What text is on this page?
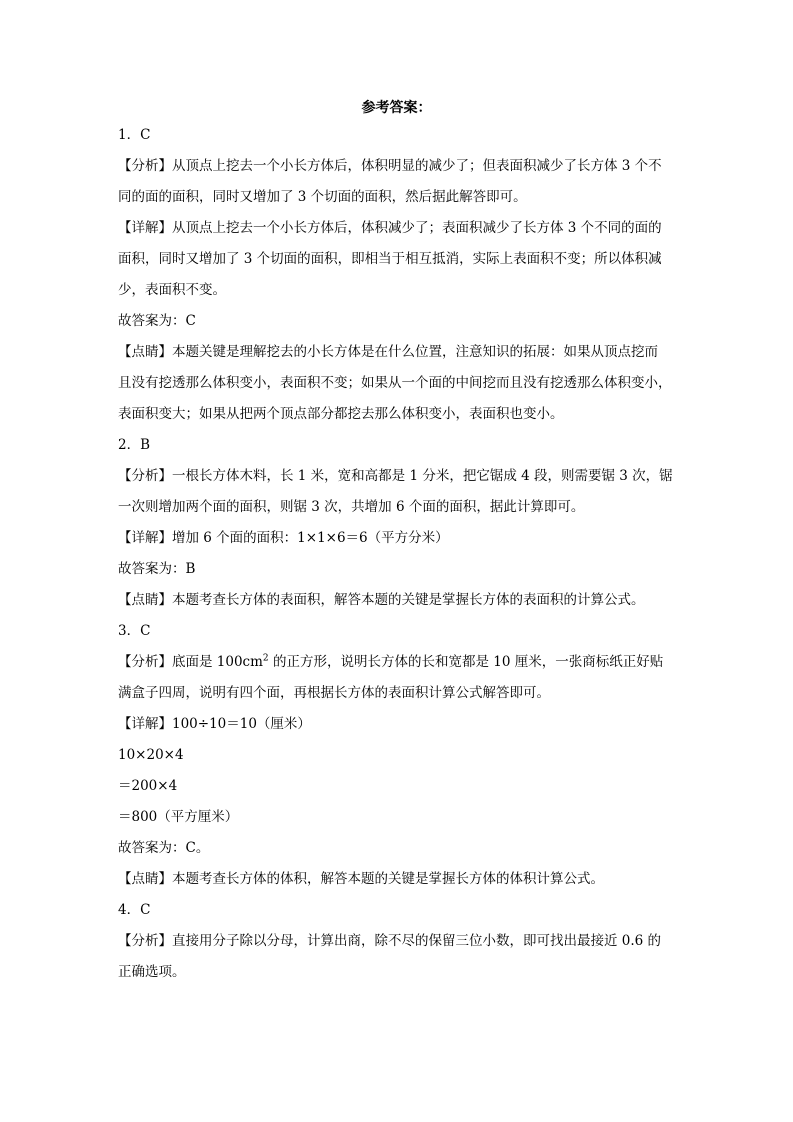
参考答案：
1．C
【分析】从顶点上挖去一个小长方体后，体积明显的减少了；但表面积减少了长方体 3 个不
同的面的面积，同时又增加了 3 个切面的面积，然后据此解答即可。
【详解】从顶点上挖去一个小长方体后，体积减少了；表面积减少了长方体 3 个不同的面的
面积，同时又增加了 3 个切面的面积，即相当于相互抵消，实际上表面积不变；所以体积减
少，表面积不变。
故答案为：C
【点睛】本题关键是理解挖去的小长方体是在什么位置，注意知识的拓展：如果从顶点挖而
且没有挖透那么体积变小，表面积不变；如果从一个面的中间挖而且没有挖透那么体积变小，
表面积变大；如果从把两个顶点部分都挖去那么体积变小，表面积也变小。
2．B
【分析】一根长方体木料，长 1 米，宽和高都是 1 分米，把它锯成 4 段，则需要锯 3 次，锯
一次则增加两个面的面积，则锯 3 次，共增加 6 个面的面积，据此计算即可。
【详解】增加 6 个面的面积：1×1×6＝6（平方分米）
故答案为：B
【点睛】本题考查长方体的表面积，解答本题的关键是掌握长方体的表面积的计算公式。
3．C
【分析】底面是 $100cm^2$ 的正方形，说明长方体的长和宽都是 10 厘米，一张商标纸正好贴
满盒子四周，说明有四个面，再根据长方体的表面积计算公式解答即可。
【详解】100÷10＝10（厘米）
10×20×4
＝200×4
＝800（平方厘米）
故答案为：C。
【点睛】本题考查长方体的体积，解答本题的关键是掌握长方体的体积计算公式。
4．C
【分析】直接用分子除以分母，计算出商，除不尽的保留三位小数，即可找出最接近 0.6 的
正确选项。
